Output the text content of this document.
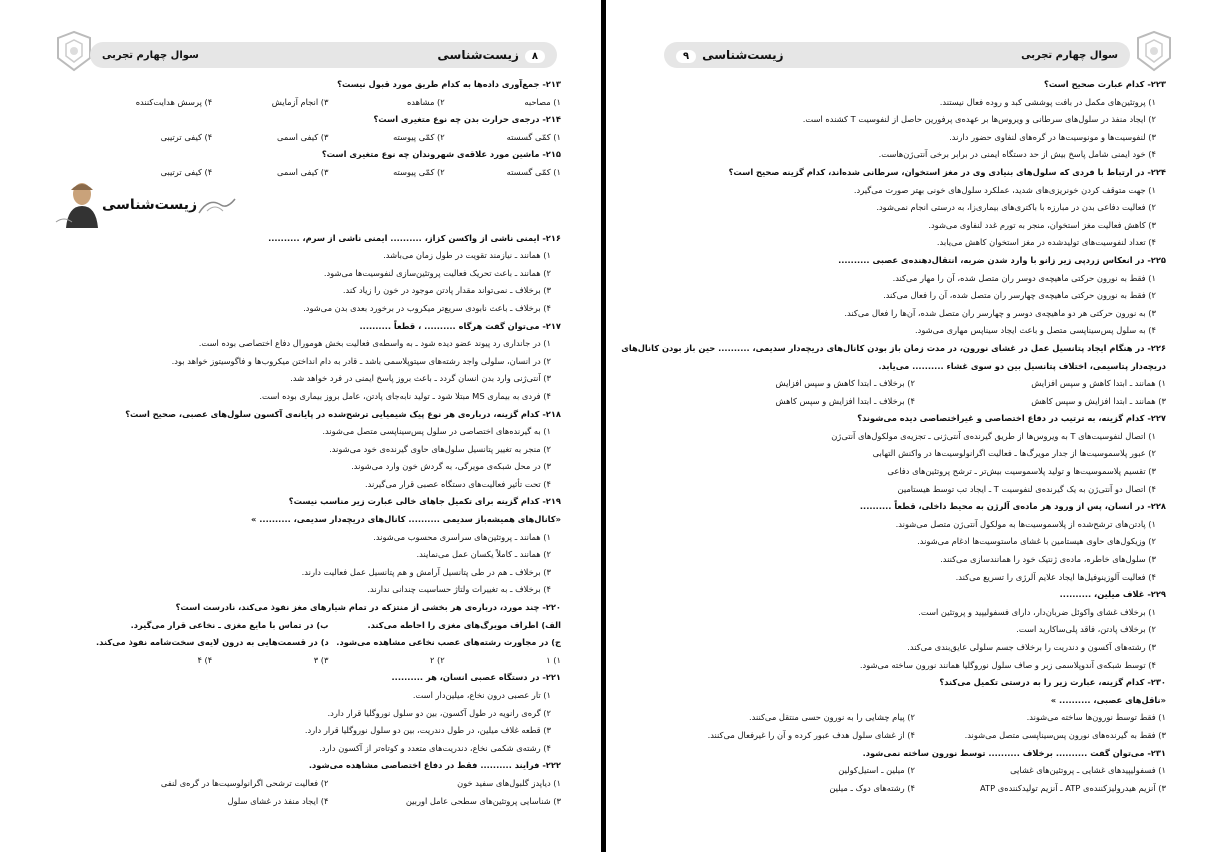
۸زیست‌شناسی
سوال چهارم تجربی
۲۱۳- جمع‌آوری داده‌ها به کدام طریق مورد قبول نیست؟
۱) مصاحبه
۲) مشاهده
۳) انجام آزمایش
۴) پرسش هدایت‌کننده
۲۱۴- درجه‌ی حرارت بدن چه نوع متغیری است؟
۱) کمّی گسسته
۲) کمّی پیوسته
۳) کیفی اسمی
۴) کیفی ترتیبی
۲۱۵- ماشین مورد علاقه‌ی شهروندان چه نوع متغیری است؟
۱) کمّی گسسته
۲) کمّی پیوسته
۳) کیفی اسمی
۴) کیفی ترتیبی
زیست‌شناسی
۲۱۶- ایمنی ناشی از واکسن کزاز، .......... ایمنی ناشی از سرم، ..........
۱) همانند ـ نیازمند تقویت در طول زمان می‌باشد.
۲) همانند ـ باعث تحریک فعالیت پروتئین‌سازی لنفوسیت‌ها می‌شود.
۳) برخلاف ـ نمی‌تواند مقدار پادتن موجود در خون را زیاد کند.
۴) برخلاف ـ باعث نابودی سریع‌تر میکروب در برخورد بعدی بدن می‌شود.
۲۱۷- می‌توان گفت هرگاه .......... ، قطعاً ..........
۱) در جانداری رد پیوند عضو دیده شود ـ به واسطه‌ی فعالیت بخش هومورال دفاع اختصاصی بوده است.
۲) در انسان، سلولی واجد رشته‌های سیتوپلاسمی باشد ـ قادر به دام انداختن میکروب‌ها و فاگوسیتوز خواهد بود.
۳) آنتی‌ژنی وارد بدن انسان گردد ـ باعث بروز پاسخ ایمنی در فرد خواهد شد.
۴) فردی به بیماری MS مبتلا شود ـ تولید نابه‌جای پادتن، عامل بروز بیماری بوده است.
۲۱۸- کدام گزینه، درباره‌ی هر نوع پیک شیمیایی ترشح‌شده در پایانه‌ی آکسون سلول‌های عصبی، صحیح است؟
۱) به گیرنده‌های اختصاصی در سلول پس‌سیناپسی متصل می‌شوند.
۲) منجر به تغییر پتانسیل سلول‌های حاوی گیرنده‌ی خود می‌شوند.
۳) در محل شبکه‌ی مویرگی، به گردش خون وارد می‌شوند.
۴) تحت تأثیر فعالیت‌های دستگاه عصبی قرار می‌گیرند.
۲۱۹- کدام گزینه برای تکمیل جاهای خالی عبارت زیر مناسب نیست؟
«کانال‌های همیشه‌باز سدیمی .......... کانال‌های دریچه‌دار سدیمی، .......... »
۱) همانند ـ پروتئین‌های سراسری محسوب می‌شوند.
۲) همانند ـ کاملاً یکسان عمل می‌نمایند.
۳) برخلاف ـ هم در طی پتانسیل آرامش و هم پتانسیل عمل فعالیت دارند.
۴) برخلاف ـ به تغییرات ولتاژ حساسیت چندانی ندارند.
۲۲۰- چند مورد، درباره‌ی هر بخشی از منتزکه در تمام شیارهای مغز نفوذ می‌کند، نادرست است؟
الف) اطراف مویرگ‌های مغزی را احاطه می‌کند.
ب) در تماس با مایع مغزی ـ نخاعی قرار می‌گیرد.
ج) در مجاورت رشته‌های عصب نخاعی مشاهده می‌شود.
د) در قسمت‌هایی به درون لایه‌ی سخت‌شامه نفوذ می‌کند.
۱) ۱
۲) ۲
۳) ۳
۴) ۴
۲۲۱- در دستگاه عصبی انسان، هر ..........
۱) تار عصبی درون نخاع، میلین‌دار است.
۲) گره‌ی رانویه در طول آکسون، بین دو سلول نوروگلیا قرار دارد.
۳) قطعه غلاف میلین، در طول دندریت، بین دو سلول نوروگلیا قرار دارد.
۴) رشته‌ی شکمی نخاع، دندریت‌های متعدد و کوتاه‌تر از آکسون دارد.
۲۲۲- فرایند .......... فقط در دفاع اختصاصی مشاهده می‌شود.
۱) دیاپدز گلبول‌های سفید خون
۲) فعالیت ترشحی اگرانولوسیت‌ها در گره‌ی لنفی
۳) شناسایی پروتئین‌های سطحی عامل اوربین
۴) ایجاد منفذ در غشای سلول
سوال چهارم تجربی
زیست‌شناسی۹
۲۲۳- کدام عبارت صحیح است؟
۱) پروتئین‌های مکمل در بافت پوششی کبد و روده فعال نیستند.
۲) ایجاد منفذ در سلول‌های سرطانی و ویروس‌ها بر عهده‌ی پرفورین حاصل از لنفوسیت T کشنده است.
۳) لنفوسیت‌ها و مونوسیت‌ها در گره‌های لنفاوی حضور دارند.
۴) خود ایمنی شامل پاسخ بیش از حد دستگاه ایمنی در برابر برخی آنتی‌ژن‌هاست.
۲۲۴- در ارتباط با فردی که سلول‌های بنیادی وی در مغز استخوان، سرطانی شده‌اند، کدام گزینه صحیح است؟
۱) جهت متوقف کردن خونریزی‌های شدید، عملکرد سلول‌های خونی بهتر صورت می‌گیرد.
۲) فعالیت دفاعی بدن در مبارزه با باکتری‌های بیماری‌زا، به درستی انجام نمی‌شود.
۳) کاهش فعالیت مغز استخوان، منجر به تورم غدد لنفاوی می‌شود.
۴) تعداد لنفوسیت‌های تولیدشده در مغز استخوان کاهش می‌یابد.
۲۲۵- در انعکاس زردپی زیر زانو با وارد شدن ضربه، انتقال‌دهنده‌ی عصبی ..........
۱) فقط به نورون حرکتی ماهیچه‌ی دوسر ران متصل شده، آن را مهار می‌کند.
۲) فقط به نورون حرکتی ماهیچه‌ی چهارسر ران متصل شده، آن را فعال می‌کند.
۳) به نورون حرکتی هر دو ماهیچه‌ی دوسر و چهارسر ران متصل شده، آن‌ها را فعال می‌کند.
۴) به سلول پس‌سیناپسی متصل و باعث ایجاد سیناپس مهاری می‌شود.
۲۲۶- در هنگام ایجاد پتانسیل عمل در غشای نورون، در مدت زمان باز بودن کانال‌های دریچه‌دار سدیمی، .......... حین باز بودن کانال‌های
دریچه‌دار پتاسیمی، اختلاف پتانسیل بین دو سوی غشاء .......... می‌یابد.
۱) همانند ـ ابتدا کاهش و سپس افزایش
۲) برخلاف ـ ابتدا کاهش و سپس افزایش
۳) همانند ـ ابتدا افزایش و سپس کاهش
۴) برخلاف ـ ابتدا افزایش و سپس کاهش
۲۲۷- کدام گزینه، به ترتیب در دفاع اختصاصی و غیراختصاصی دیده می‌شوند؟
۱) اتصال لنفوسیت‌های T به ویروس‌ها از طریق گیرنده‌ی آنتی‌ژنی ـ تجزیه‌ی مولکول‌های آنتی‌ژن
۲) عبور پلاسموسیت‌ها از جدار مویرگ‌ها ـ فعالیت اگرانولوسیت‌ها در واکنش التهابی
۳) تقسیم پلاسموسیت‌ها و تولید پلاسموسیت بیش‌تر ـ ترشح پروتئین‌های دفاعی
۴) اتصال دو آنتی‌ژن به یک گیرنده‌ی لنفوسیت T ـ ایجاد تب توسط هیستامین
۲۲۸- در انسان، پس از ورود هر ماده‌ی آلرژن به محیط داخلی، قطعاً ..........
۱) پادتن‌های ترشح‌شده از پلاسموسیت‌ها به مولکول آنتی‌ژن متصل می‌شوند.
۲) وزیکول‌های حاوی هیستامین با غشای ماستوسیت‌ها ادغام می‌شوند.
۳) سلول‌های خاطره، ماده‌ی ژنتیک خود را همانندسازی می‌کنند.
۴) فعالیت آلوزینوفیل‌ها ایجاد علایم آلرژی را تسریع می‌کند.
۲۲۹- غلاف میلین، ..........
۱) برخلاف غشای واکوئل ضربان‌دار، دارای فسفولیپید و پروتئین است.
۲) برخلاف پادتن، فاقد پلی‌ساکارید است.
۳) رشته‌های آکسون و دندریت را برخلاف جسم سلولی عایق‌بندی می‌کند.
۴) توسط شبکه‌ی آندوپلاسمی زبر و صاف سلول نوروگلیا همانند نورون ساخته می‌شود.
۲۳۰- کدام گزینه، عبارت زیر را به درستی تکمیل می‌کند؟
«ناقل‌های عصبی، .......... »
۱) فقط توسط نورون‌ها ساخته می‌شوند.
۲) پیام چشایی را به نورون حسی منتقل می‌کنند.
۳) فقط به گیرنده‌های نورون پس‌سیناپسی متصل می‌شوند.
۴) از غشای سلول هدف عبور کرده و آن را غیرفعال می‌کنند.
۲۳۱- می‌توان گفت .......... برخلاف .......... توسط نورون ساخته نمی‌شود.
۱) فسفولیپیدهای غشایی ـ پروتئین‌های غشایی
۲) میلین ـ استیل‌کولین
۳) آنزیم هیدرولیزکننده‌ی ATP ـ آنزیم تولیدکننده‌ی ATP
۴) رشته‌های دوک ـ میلین
